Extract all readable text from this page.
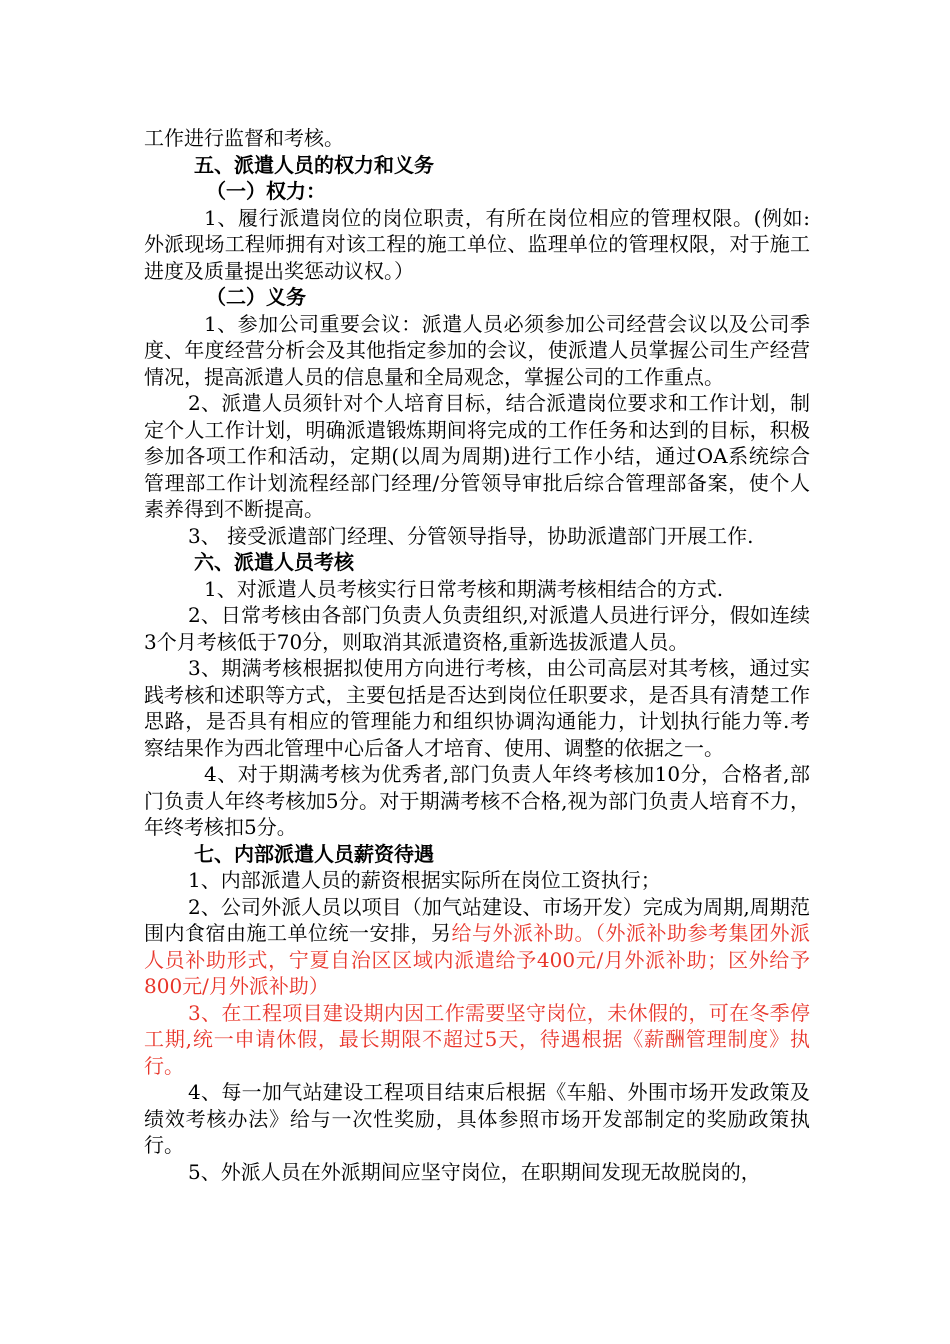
工作进行监督和考核。

五、派遣人员的权力和义务

（一）权力：

1、履行派遣岗位的岗位职责，有所在岗位相应的管理权限。(例如:外派现场工程师拥有对该工程的施工单位、监理单位的管理权限，对于施工进度及质量提出奖惩动议权。）

（二）义务

1、参加公司重要会议：派遣人员必须参加公司经营会议以及公司季度、年度经营分析会及其他指定参加的会议，使派遣人员掌握公司生产经营情况，提高派遣人员的信息量和全局观念，掌握公司的工作重点。

2、派遣人员须针对个人培育目标，结合派遣岗位要求和工作计划，制定个人工作计划，明确派遣锻炼期间将完成的工作任务和达到的目标，积极参加各项工作和活动，定期(以周为周期)进行工作小结，通过OA系统综合管理部工作计划流程经部门经理/分管领导审批后综合管理部备案，使个人素养得到不断提高。

3、 接受派遣部门经理、分管领导指导，协助派遣部门开展工作.

六、派遣人员考核

1、对派遣人员考核实行日常考核和期满考核相结合的方式.

2、日常考核由各部门负责人负责组织,对派遣人员进行评分，假如连续3个月考核低于70分，则取消其派遣资格,重新选拔派遣人员。

3、期满考核根据拟使用方向进行考核，由公司高层对其考核，通过实践考核和述职等方式，主要包括是否达到岗位任职要求，是否具有清楚工作思路，是否具有相应的管理能力和组织协调沟通能力，计划执行能力等.考察结果作为西北管理中心后备人才培育、使用、调整的依据之一。

4、对于期满考核为优秀者,部门负责人年终考核加10分，合格者,部门负责人年终考核加5分。对于期满考核不合格,视为部门负责人培育不力，年终考核扣5分。

七、内部派遣人员薪资待遇

1、内部派遣人员的薪资根据实际所在岗位工资执行；

2、公司外派人员以项目（加气站建设、市场开发）完成为周期,周期范围内食宿由施工单位统一安排，另给与外派补助。（外派补助参考集团外派人员补助形式，宁夏自治区区域内派遣给予400元/月外派补助；区外给予800元/月外派补助）

3、在工程项目建设期内因工作需要坚守岗位，未休假的，可在冬季停工期,统一申请休假，最长期限不超过5天，待遇根据《薪酬管理制度》执行。

4、每一加气站建设工程项目结束后根据《车船、外围市场开发政策及绩效考核办法》给与一次性奖励，具体参照市场开发部制定的奖励政策执行。

5、外派人员在外派期间应坚守岗位，在职期间发现无故脱岗的，
